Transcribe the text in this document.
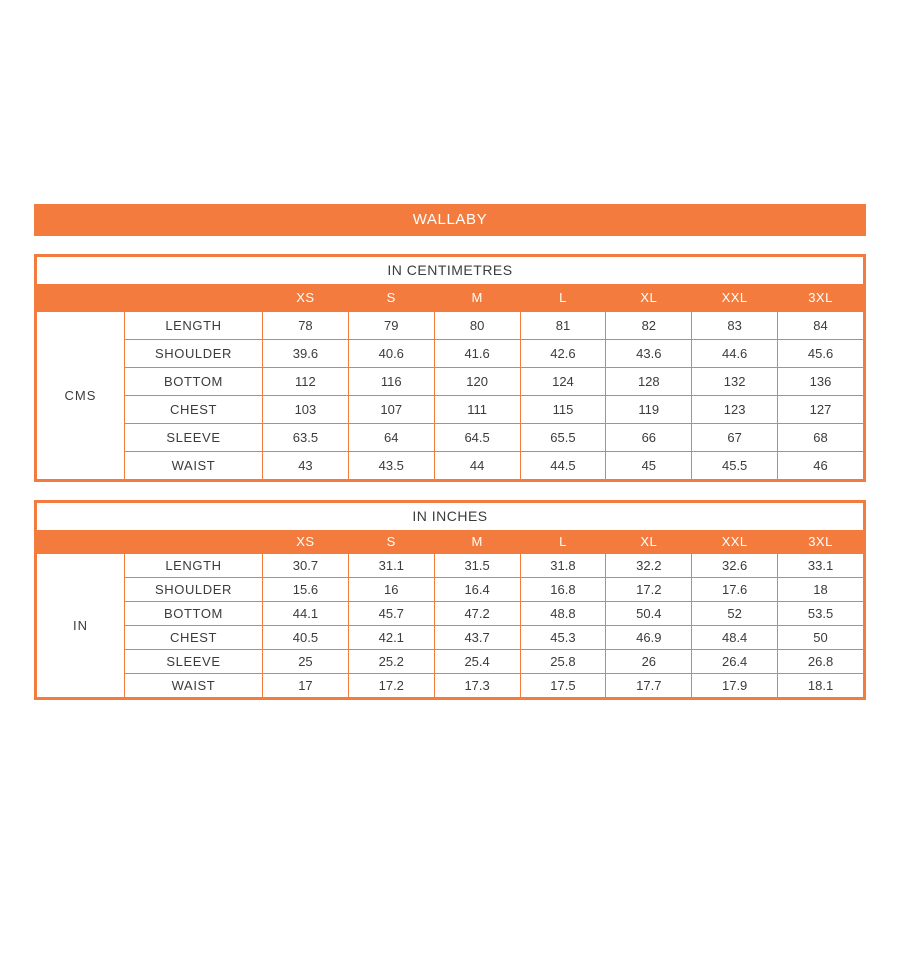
WALLABY
IN CENTIMETRES
		XS	S	M	L	XL	XXL	3XL
CMS	LENGTH	78	79	80	81	82	83	84
	SHOULDER	39.6	40.6	41.6	42.6	43.6	44.6	45.6
	BOTTOM	112	116	120	124	128	132	136
	CHEST	103	107	111	115	119	123	127
	SLEEVE	63.5	64	64.5	65.5	66	67	68
	WAIST	43	43.5	44	44.5	45	45.5	46
IN INCHES
		XS	S	M	L	XL	XXL	3XL
IN	LENGTH	30.7	31.1	31.5	31.8	32.2	32.6	33.1
	SHOULDER	15.6	16	16.4	16.8	17.2	17.6	18
	BOTTOM	44.1	45.7	47.2	48.8	50.4	52	53.5
	CHEST	40.5	42.1	43.7	45.3	46.9	48.4	50
	SLEEVE	25	25.2	25.4	25.8	26	26.4	26.8
	WAIST	17	17.2	17.3	17.5	17.7	17.9	18.1
